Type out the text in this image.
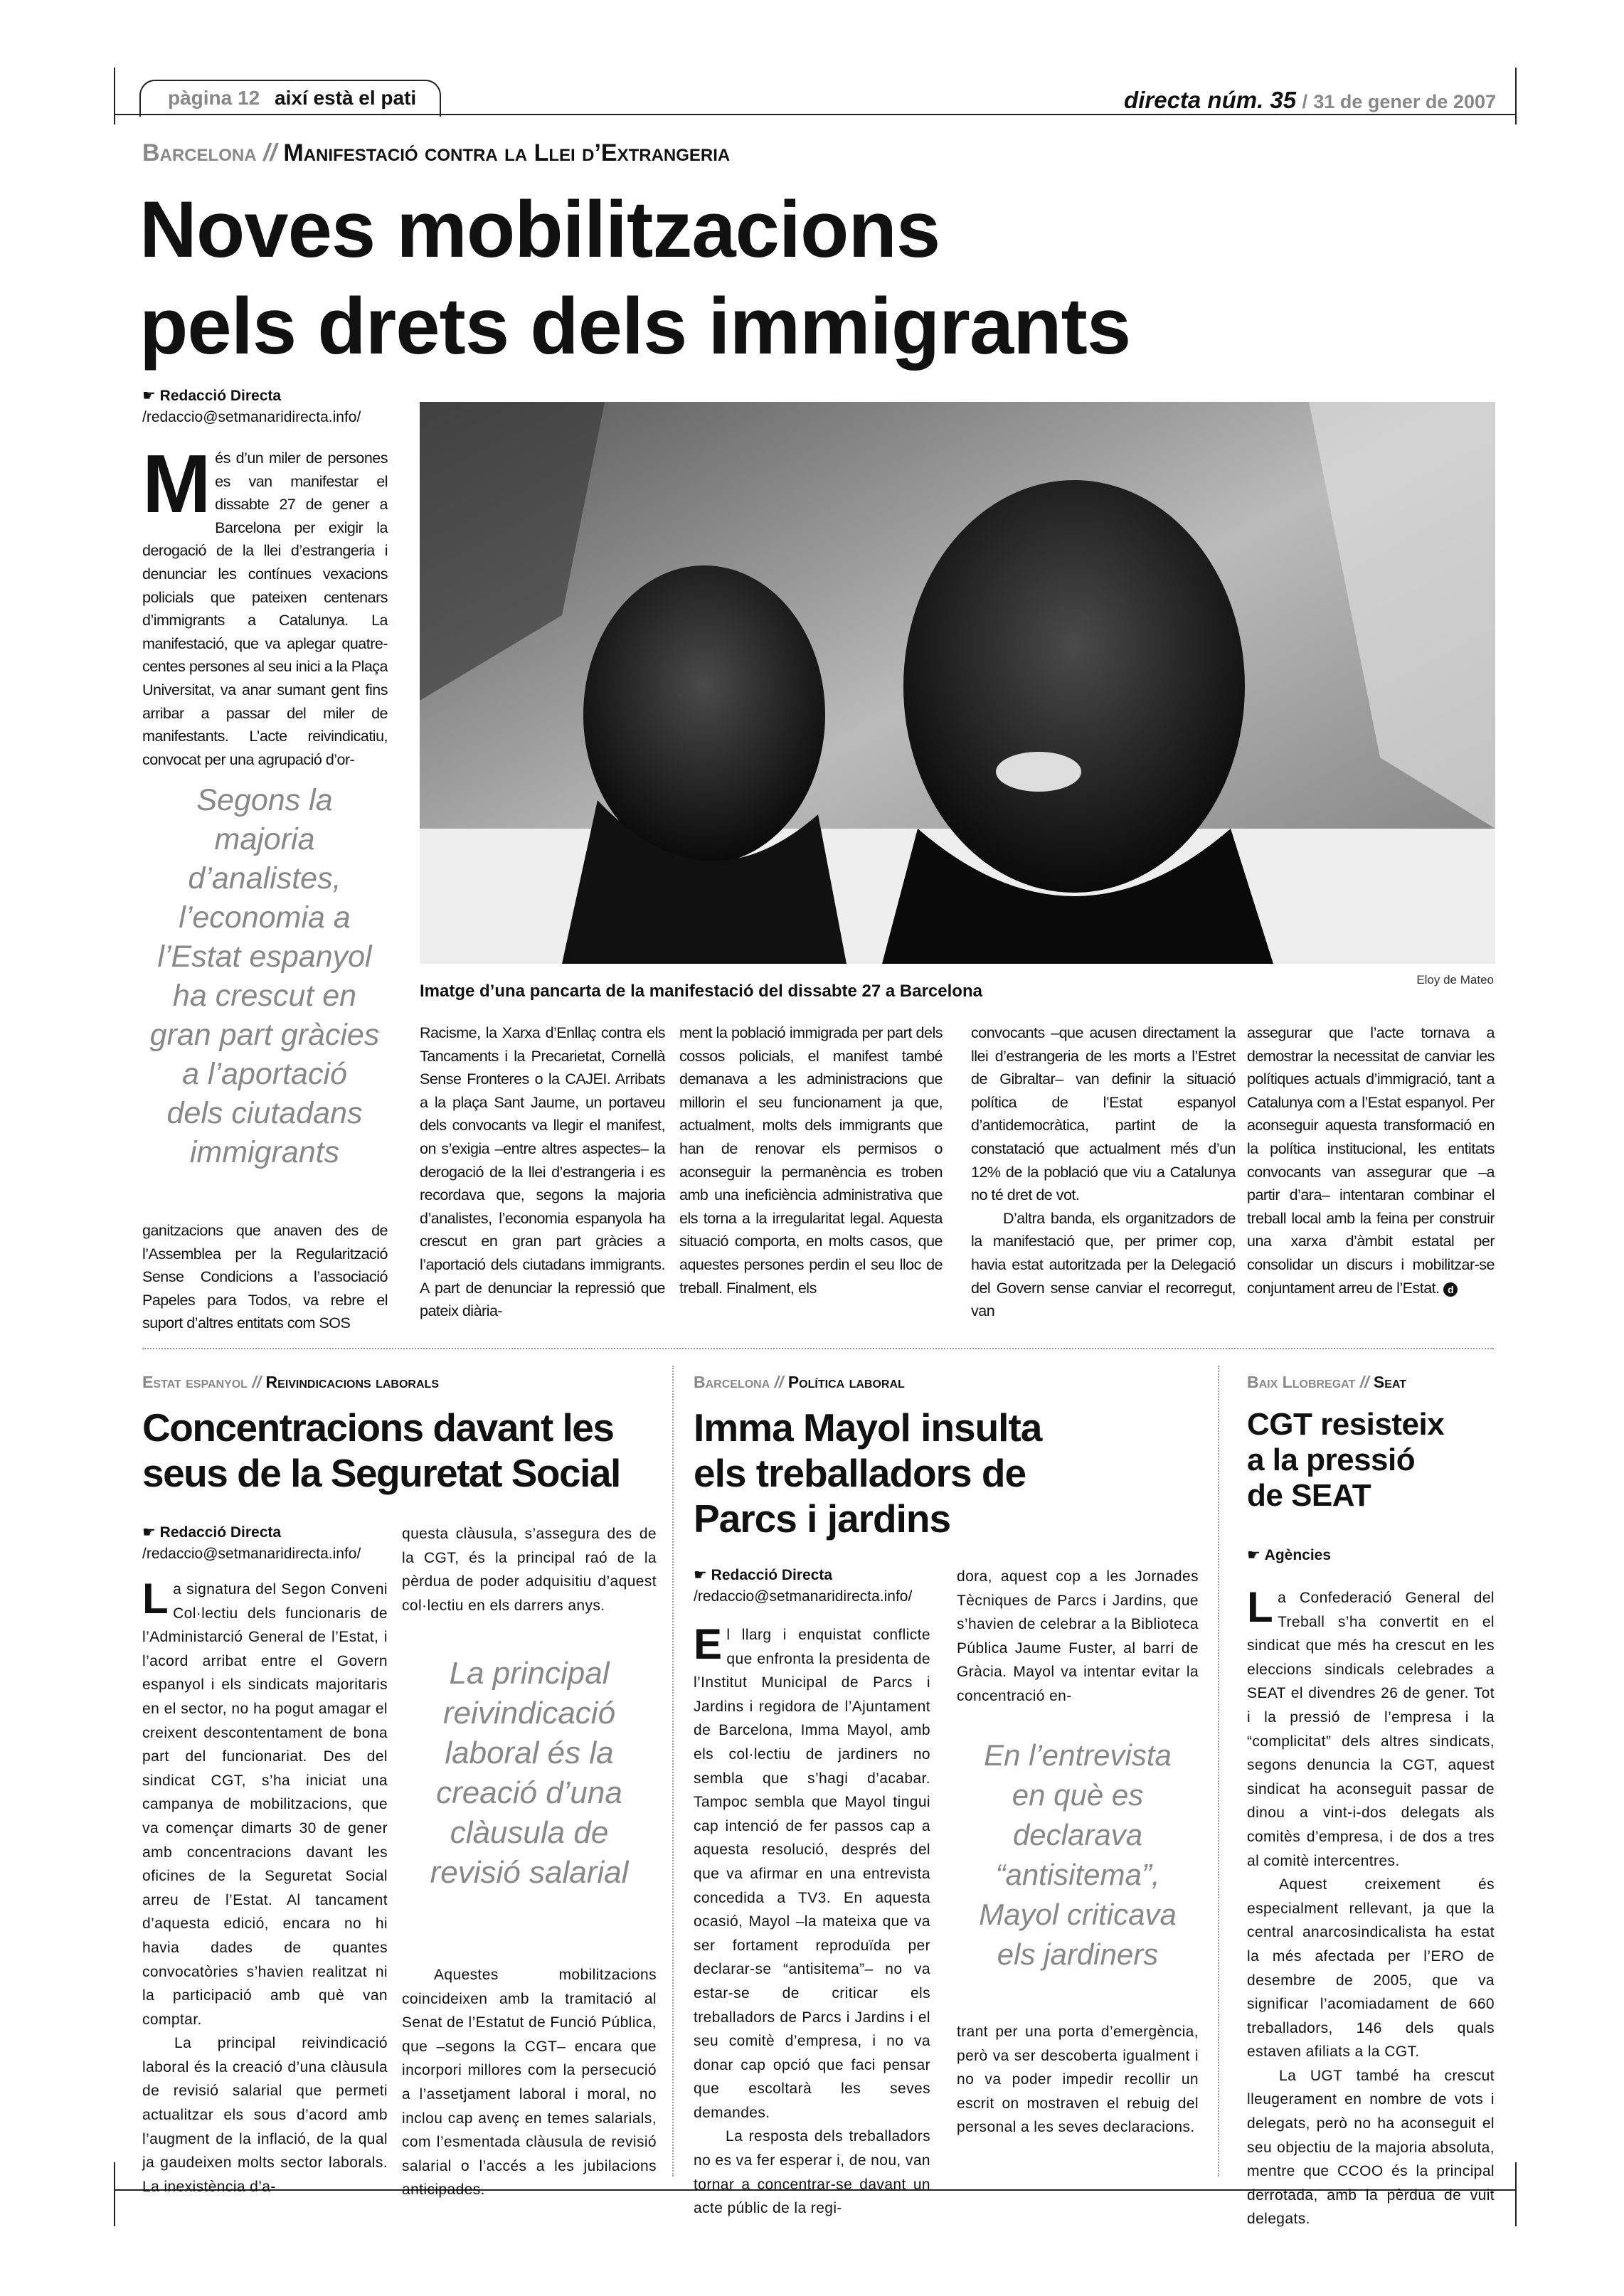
pàgina 12 així està el pati	directa núm. 35 / 31 de gener de 2007
Barcelona // Manifestació contra la Llei d’Extrangeria
Noves mobilitzacions
pels drets dels immigrants
☛ Redacció Directa
/redaccio@setmanaridirecta.info/

Més d’un miler de persones es van manifestar el dissabte 27 de gener a Barcelona per exigir la derogació de la llei d’estrangeria i denunciar les contínues vexacions policials que pateixen centenars d’immigrants a Catalunya. La manifestació, que va aplegar quatre-centes persones al seu inici a la Plaça Universitat, va anar sumant gent fins arribar a passar del miler de manifestants. L’acte reivindicatiu, convocat per una agrupació d’or-

Segons la
majoria
d’analistes,
l’economia a
l’Estat espanyol
ha crescut en
gran part gràcies
a l’aportació
dels ciutadans
immigrants

ganitzacions que anaven des de l’Assemblea per la Regularització Sense Condicions a l’associació Papeles para Todos, va rebre el suport d’altres entitats com SOS

Imatge d’una pancarta de la manifestació del dissabte 27 a Barcelona
Eloy de Mateo

Racisme, la Xarxa d’Enllaç contra els Tancaments i la Precarietat, Cornellà Sense Fronteres o la CAJEI. Arribats a la plaça Sant Jaume, un portaveu dels convocants va llegir el manifest, on s’exigia –entre altres aspectes– la derogació de la llei d’estrangeria i es recordava que, segons la majoria d’analistes, l’economia espanyola ha crescut en gran part gràcies a l’aportació dels ciutadans immigrants. A part de denunciar la repressió que pateix diària-

ment la població immigrada per part dels cossos policials, el manifest també demanava a les administracions que millorin el seu funcionament ja que, actualment, molts dels immigrants que han de renovar els permisos o aconseguir la permanència es troben amb una ineficiència administrativa que els torna a la irregularitat legal. Aquesta situació comporta, en molts casos, que aquestes persones perdin el seu lloc de treball. Finalment, els

convocants –que acusen directament la llei d’estrangeria de les morts a l’Estret de Gibraltar– van definir la situació política de l’Estat espanyol d’antidemocràtica, partint de la constatació que actualment més d’un 12% de la població que viu a Catalunya no té dret de vot.

D’altra banda, els organitzadors de la manifestació que, per primer cop, havia estat autoritzada per la Delegació del Govern sense canviar el recorregut, van

assegurar que l’acte tornava a demostrar la necessitat de canviar les polítiques actuals d’immigració, tant a Catalunya com a l’Estat espanyol. Per aconseguir aquesta transformació en la política institucional, les entitats convocants van assegurar que –a partir d’ara– intentaran combinar el treball local amb la feina per construir una xarxa d’àmbit estatal per consolidar un discurs i mobilitzar-se conjuntament arreu de l’Estat. d

Estat espanyol // Reivindicacions laborals
Concentracions davant les
seus de la Seguretat Social
☛ Redacció Directa
/redaccio@setmanaridirecta.info/

La signatura del Segon Conveni Col·lectiu dels funcionaris de l’Administarció General de l’Estat, i l’acord arribat entre el Govern espanyol i els sindicats majoritaris en el sector, no ha pogut amagar el creixent descontentament de bona part del funcionariat. Des del sindicat CGT, s’ha iniciat una campanya de mobilitzacions, que va començar dimarts 30 de gener amb concentracions davant les oficines de la Seguretat Social arreu de l’Estat. Al tancament d’aquesta edició, encara no hi havia dades de quantes convocatòries s’havien realitzat ni la participació amb què van comptar.

La principal reivindicació laboral és la creació d’una clàusula de revisió salarial que permeti actualitzar els sous d’acord amb l’augment de la inflació, de la qual ja gaudeixen molts sector laborals. La inexistència d’a-

questa clàusula, s’assegura des de la CGT, és la principal raó de la pèrdua de poder adquisitiu d’aquest col·lectiu en els darrers anys.

La principal
reivindicació
laboral és la
creació d’una
clàusula de
revisió salarial

Aquestes mobilitzacions coincideixen amb la tramitació al Senat de l’Estatut de Funció Pública, que –segons la CGT– encara que incorpori millores com la persecució a l’assetjament laboral i moral, no inclou cap avenç en temes salarials, com l’esmentada clàusula de revisió salarial o l’accés a les jubilacions anticipades.

Barcelona // Política laboral
Imma Mayol insulta
els treballadors de
Parcs i jardins
☛ Redacció Directa
/redaccio@setmanaridirecta.info/

El llarg i enquistat conflicte que enfronta la presidenta de l’Institut Municipal de Parcs i Jardins i regidora de l’Ajuntament de Barcelona, Imma Mayol, amb els col·lectiu de jardiners no sembla que s’hagi d’acabar. Tampoc sembla que Mayol tingui cap intenció de fer passos cap a aquesta resolució, després del que va afirmar en una entrevista concedida a TV3. En aquesta ocasió, Mayol –la mateixa que va ser fortament reproduïda per declarar-se “antisitema”– no va estar-se de criticar els treballadors de Parcs i Jardins i el seu comitè d’empresa, i no va donar cap opció que faci pensar que escoltarà les seves demandes.

La resposta dels treballadors no es va fer esperar i, de nou, van tornar a concentrar-se davant un acte públic de la regi-

dora, aquest cop a les Jornades Tècniques de Parcs i Jardins, que s’havien de celebrar a la Biblioteca Pública Jaume Fuster, al barri de Gràcia. Mayol va intentar evitar la concentració en-

En l’entrevista
en què es
declarava
“antisitema”,
Mayol criticava
els jardiners

trant per una porta d’emergència, però va ser descoberta igualment i no va poder impedir recollir un escrit on mostraven el rebuig del personal a les seves declaracions.

Baix Llobregat // Seat
CGT resisteix
a la pressió
de SEAT
☛ Agències

La Confederació General del Treball s’ha convertit en el sindicat que més ha crescut en les eleccions sindicals celebrades a SEAT el divendres 26 de gener. Tot i la pressió de l’empresa i la “complicitat” dels altres sindicats, segons denuncia la CGT, aquest sindicat ha aconseguit passar de dinou a vint-i-dos delegats als comitès d’empresa, i de dos a tres al comitè intercentres.

Aquest creixement és especialment rellevant, ja que la central anarcosindicalista ha estat la més afectada per l’ERO de desembre de 2005, que va significar l’acomiadament de 660 treballadors, 146 dels quals estaven afiliats a la CGT.

La UGT també ha crescut lleugerament en nombre de vots i delegats, però no ha aconseguit el seu objectiu de la majoria absoluta, mentre que CCOO és la principal derrotada, amb la pèrdua de vuit delegats.
